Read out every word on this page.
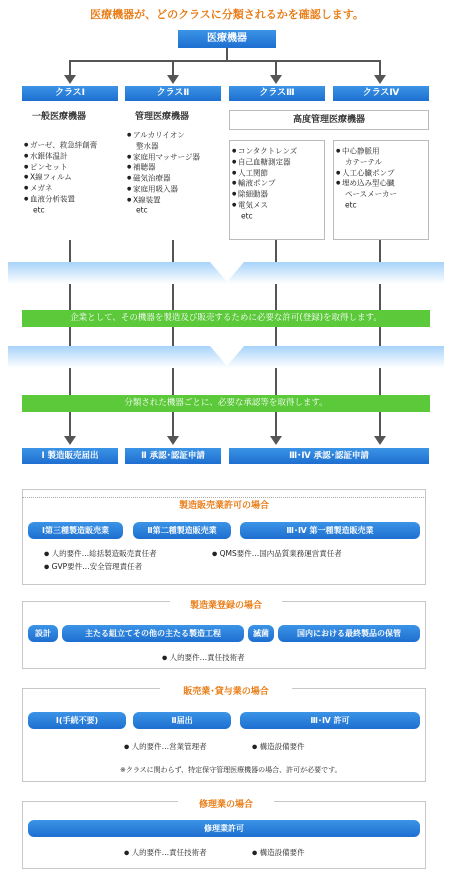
医療機器が、どのクラスに分類されるかを確認します。
医療機器
クラスⅠ	クラスⅡ	クラスⅢ	クラスⅣ
一般医療機器
● ガーゼ、救急絆創膏
● 水銀体温計
● ピンセット
● X線フィルム
● メガネ
● 血液分析装置
etc
管理医療機器
● アルカリイオン
整水器
● 家庭用マッサージ器
● 補聴器
● 磁気治療器
● 家庭用吸入器
● X線装置
etc
高度管理医療機器
● コンタクトレンズ
● 自己血糖測定器
● 人工関節
● 輸液ポンプ
● 除細動器
● 電気メス
etc
● 中心静脈用
カテーテル
● 人工心臓ポンプ
● 埋め込み型心臓
ペースメーカー
etc
企業として、その機器を製造及び販売するために必要な許可(登録)を取得します。
分類された機器ごとに、必要な承認等を取得します。
Ⅰ 製造販売届出	Ⅱ 承認･認証申請	Ⅲ･Ⅳ 承認･認証申請
製造販売業許可の場合
Ⅰ第三種製造販売業	Ⅱ第二種製造販売業	Ⅲ･Ⅳ 第一種製造販売業
● 人的要件…総括製造販売責任者	● QMS要件…国内品質業務運営責任者
● GVP要件…安全管理責任者
製造業登録の場合
設計	主たる組立てその他の主たる製造工程	滅菌	国内における最終製品の保管
● 人的要件…責任技術者
販売業･貸与業の場合
Ⅰ(手続不要)	Ⅱ届出	Ⅲ･Ⅳ 許可
● 人的要件…営業管理者	● 構造設備要件
※クラスに関わらず、特定保守管理医療機器の場合、許可が必要です。
修理業の場合
修理業許可
● 人的要件…責任技術者	● 構造設備要件
